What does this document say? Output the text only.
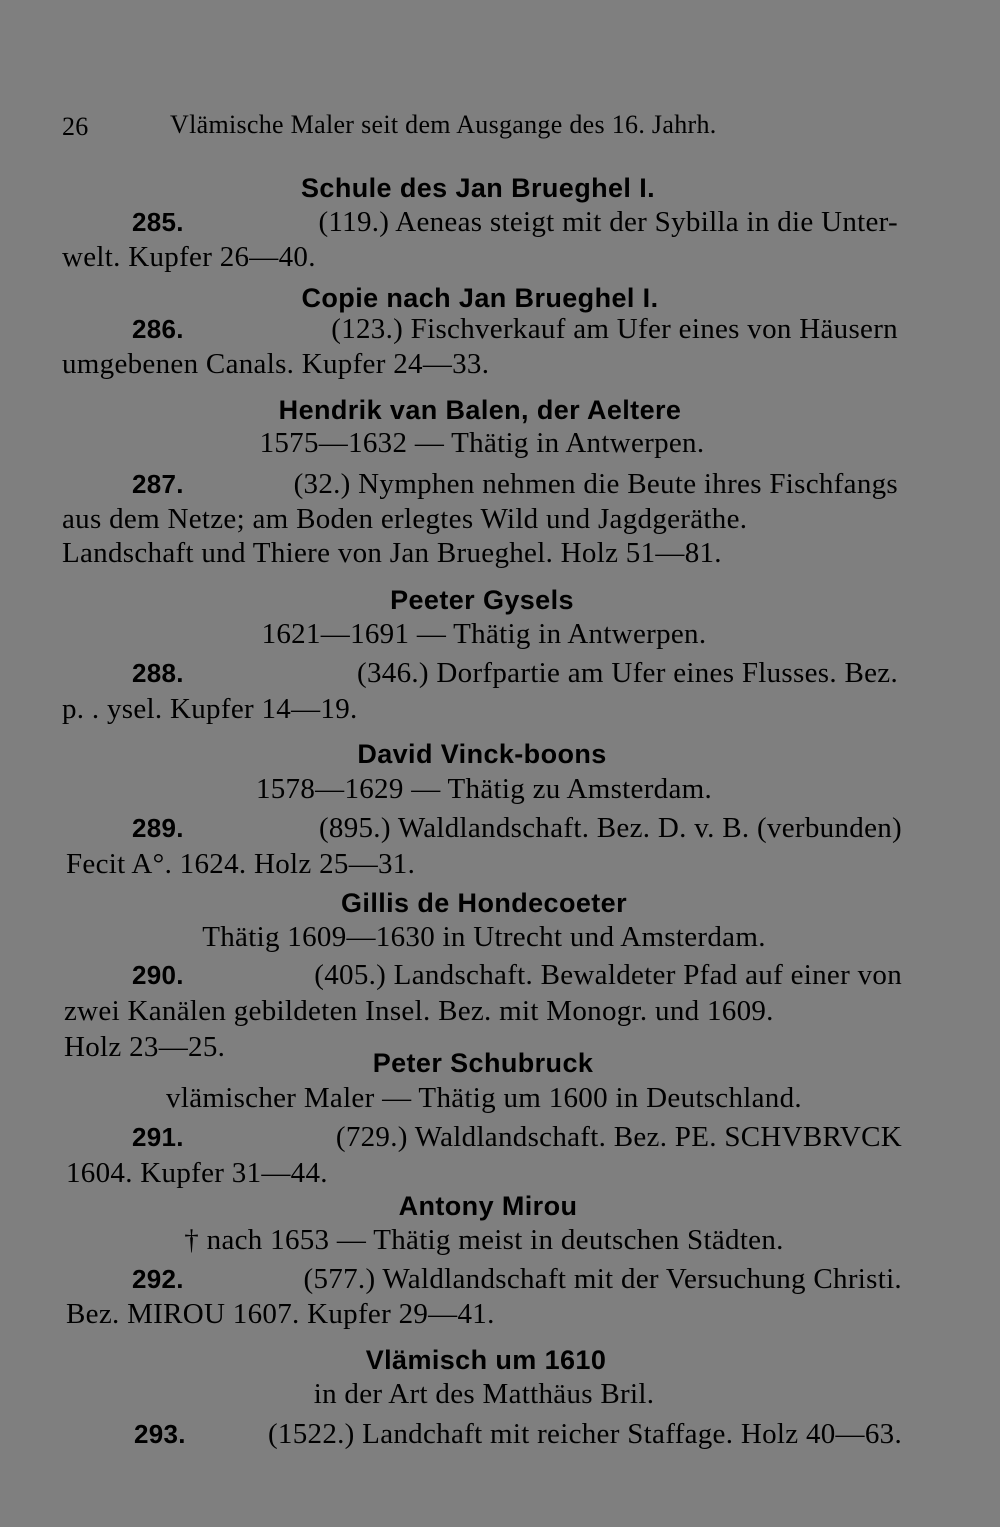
26	Vlämische Maler seit dem Ausgange des 16. Jahrh.
Schule des Jan Brueghel I.
285.	(119.) Aeneas steigt mit der Sybilla in die Unter-
welt. Kupfer 26—40.
Copie nach Jan Brueghel I.
286.	(123.) Fischverkauf am Ufer eines von Häusern
umgebenen Canals. Kupfer 24—33.
Hendrik van Balen, der Aeltere
1575—1632 — Thätig in Antwerpen.
287.	(32.) Nymphen nehmen die Beute ihres Fischfangs
aus dem Netze; am Boden erlegtes Wild und Jagdgeräthe.
Landschaft und Thiere von Jan Brueghel. Holz 51—81.
Peeter Gysels
1621—1691 — Thätig in Antwerpen.
288.	(346.) Dorfpartie am Ufer eines Flusses. Bez.
p. . ysel. Kupfer 14—19.
David Vinck-boons
1578—1629 — Thätig zu Amsterdam.
289.	(895.) Waldlandschaft. Bez. D. v. B. (verbunden)
Fecit A°. 1624. Holz 25—31.
Gillis de Hondecoeter
Thätig 1609—1630 in Utrecht und Amsterdam.
290.	(405.) Landschaft. Bewaldeter Pfad auf einer von
zwei Kanälen gebildeten Insel. Bez. mit Monogr. und 1609.
Holz 23—25.	Peter Schubruck
vlämischer Maler — Thätig um 1600 in Deutschland.
291.	(729.) Waldlandschaft. Bez. PE. SCHVBRVCK
1604. Kupfer 31—44.
Antony Mirou
† nach 1653 — Thätig meist in deutschen Städten.
292.	(577.) Waldlandschaft mit der Versuchung Christi.
Bez. MIROU 1607. Kupfer 29—41.
Vlämisch um 1610
in der Art des Matthäus Bril.
293.	(1522.) Landchaft mit reicher Staffage. Holz 40—63.
